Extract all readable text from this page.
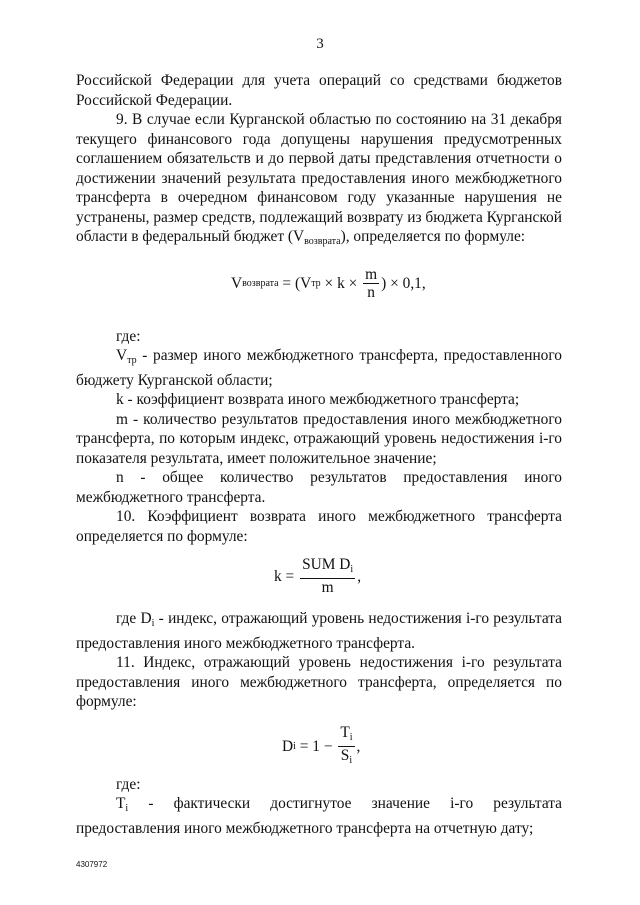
3

Российской Федерации для учета операций со средствами бюджетов Российской Федерации.

9. В случае если Курганской областью по состоянию на 31 декабря текущего финансового года допущены нарушения предусмотренных соглашением обязательств и до первой даты представления отчетности о достижении значений результата предоставления иного межбюджетного трансферта в очередном финансовом году указанные нарушения не устранены, размер средств, подлежащий возврату из бюджета Курганской области в федеральный бюджет $(V_{возврата})$, определяется по формуле:

V возврата = (V тр × $k \times \frac{m}{n}$ ) × 0,1,

где:

$V_{тр}$ - размер иного межбюджетного трансферта, предоставленного бюджету Курганской области;

k - коэффициент возврата иного межбюджетного трансферта;

m - количество результатов предоставления иного межбюджетного трансферта, по которым индекс, отражающий уровень недостижения i-го показателя результата, имеет положительное значение;

n - общее количество результатов предоставления иного межбюджетного трансферта.

10. Коэффициент возврата иного межбюджетного трансферта определяется по формуле:

$k = \frac{SUM D_i}{m}$ ,

где $D_i$ - индекс, отражающий уровень недостижения i-го результата предоставления иного межбюджетного трансферта.

11. Индекс, отражающий уровень недостижения i-го результата предоставления иного межбюджетного трансферта, определяется по формуле:

D $i = 1 - \frac{T_i}{S_i}$ ,

где:

$T_i$ - фактически достигнутое значение i-го результата предоставления иного межбюджетного трансферта на отчетную дату;

4307972
